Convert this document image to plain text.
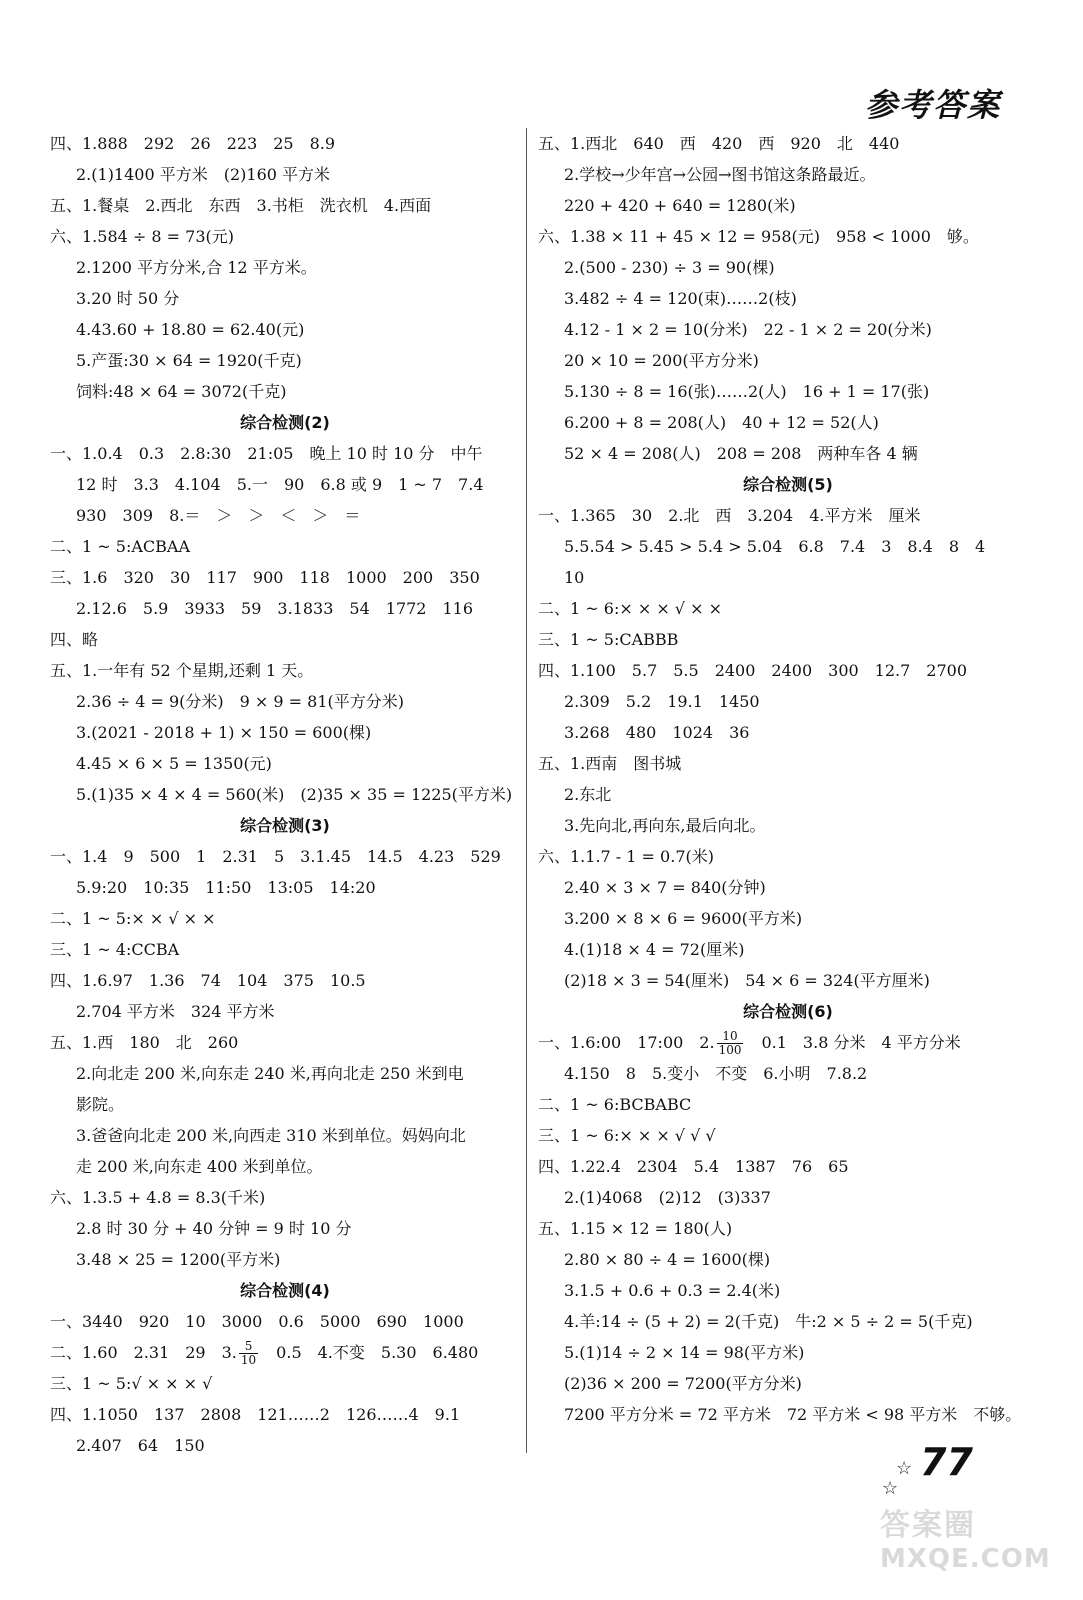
参考答案
四、1.888　292　26　223　25　8.9
2.(1)1400 平方米　(2)160 平方米
五、1.餐桌　2.西北　东西　3.书柜　洗衣机　4.西面
六、1.584 ÷ 8 = 73(元)
2.1200 平方分米,合 12 平方米。
3.20 时 50 分
4.43.60 + 18.80 = 62.40(元)
5.产蛋:30 × 64 = 1920(千克)
饲料:48 × 64 = 3072(千克)
综合检测(2)
一、1.0.4　0.3　2.8:30　21:05　晚上 10 时 10 分　中午
12 时　3.3　4.104　5.一　90　6.8 或 9　1 ~ 7　7.4
930　309　8.＝　＞　＞　＜　＞　＝
二、1 ~ 5:ACBAA
三、1.6　320　30　117　900　118　1000　200　350
2.12.6　5.9　3933　59　3.1833　54　1772　116
四、略
五、1.一年有 52 个星期,还剩 1 天。
2.36 ÷ 4 = 9(分米)　9 × 9 = 81(平方分米)
3.(2021 - 2018 + 1) × 150 = 600(棵)
4.45 × 6 × 5 = 1350(元)
5.(1)35 × 4 × 4 = 560(米)　(2)35 × 35 = 1225(平方米)
综合检测(3)
一、1.4　9　500　1　2.31　5　3.1.45　14.5　4.23　529
5.9:20　10:35　11:50　13:05　14:20
二、1 ~ 5:× × √ × ×
三、1 ~ 4:CCBA
四、1.6.97　1.36　74　104　375　10.5
2.704 平方米　324 平方米
五、1.西　180　北　260
2.向北走 200 米,向东走 240 米,再向北走 250 米到电
影院。
3.爸爸向北走 200 米,向西走 310 米到单位。妈妈向北
走 200 米,向东走 400 米到单位。
六、1.3.5 + 4.8 = 8.3(千米)
2.8 时 30 分 + 40 分钟 = 9 时 10 分
3.48 × 25 = 1200(平方米)
综合检测(4)
一、3440　920　10　3000　0.6　5000　690　1000
二、1.60　2.31　29　3. $\frac{5}{10}$ 　0.5　4.不变　5.30　6.480
三、1 ~ 5:√ × × × √
四、1.1050　137　2808　121……2　126……4　9.1
2.407　64　150
五、1.西北　640　西　420　西　920　北　440
2.学校→少年宫→公园→图书馆这条路最近。
220 + 420 + 640 = 1280(米)
六、1.38 × 11 + 45 × 12 = 958(元)　958 < 1000　够。
2.(500 - 230) ÷ 3 = 90(棵)
3.482 ÷ 4 = 120(束)……2(枝)
4.12 - 1 × 2 = 10(分米)　22 - 1 × 2 = 20(分米)
20 × 10 = 200(平方分米)
5.130 ÷ 8 = 16(张)……2(人)　16 + 1 = 17(张)
6.200 + 8 = 208(人)　40 + 12 = 52(人)
52 × 4 = 208(人)　208 = 208　两种车各 4 辆
综合检测(5)
一、1.365　30　2.北　西　3.204　4.平方米　厘米
5.5.54 > 5.45 > 5.4 > 5.04　6.8　7.4　3　8.4　8　4
10
二、1 ~ 6:× × × √ × ×
三、1 ~ 5:CABBB
四、1.100　5.7　5.5　2400　2400　300　12.7　2700
2.309　5.2　19.1　1450
3.268　480　1024　36
五、1.西南　图书城
2.东北
3.先向北,再向东,最后向北。
六、1.1.7 - 1 = 0.7(米)
2.40 × 3 × 7 = 840(分钟)
3.200 × 8 × 6 = 9600(平方米)
4.(1)18 × 4 = 72(厘米)
(2)18 × 3 = 54(厘米)　54 × 6 = 324(平方厘米)
综合检测(6)
一、1.6:00　17:00　2. $\frac{10}{100}$ 　0.1　3.8 分米　4 平方分米
4.150　8　5.变小　不变　6.小明　7.8.2
二、1 ~ 6:BCBABC
三、1 ~ 6:× × × √ √ √
四、1.22.4　2304　5.4　1387　76　65
2.(1)4068　(2)12　(3)337
五、1.15 × 12 = 180(人)
2.80 × 80 ÷ 4 = 1600(棵)
3.1.5 + 0.6 + 0.3 = 2.4(米)
4.羊:14 ÷ (5 + 2) = 2(千克)　牛:2 × 5 ÷ 2 = 5(千克)
5.(1)14 ÷ 2 × 14 = 98(平方米)
(2)36 × 200 = 7200(平方分米)
7200 平方分米 = 72 平方米　72 平方米 < 98 平方米　不够。
☆
☆
77
答案圈
MXQE.COM
